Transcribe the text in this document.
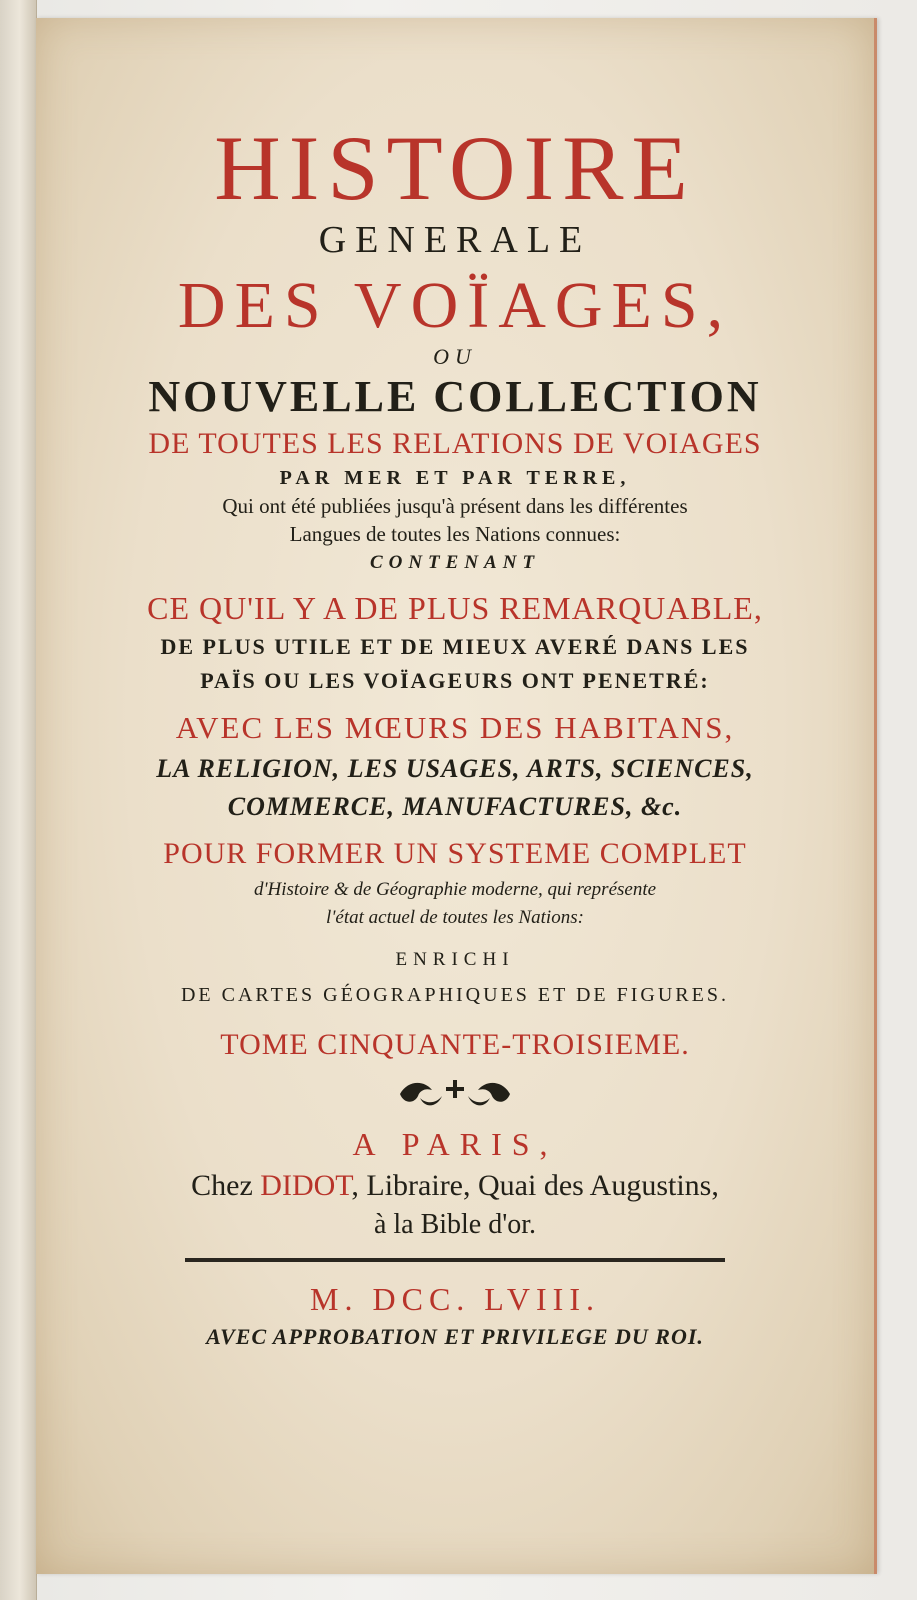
HISTOIRE
GENERALE
DES VOÏAGES,
OU
NOUVELLE COLLECTION
DE TOUTES LES RELATIONS DE VOIAGES
PAR MER ET PAR TERRE,
Qui ont été publiées jusqu'à présent dans les différentes
Langues de toutes les Nations connues:
CONTENANT
CE QU'IL Y A DE PLUS REMARQUABLE,
DE PLUS UTILE ET DE MIEUX AVERÉ DANS LES
PAÏS OU LES VOÏAGEURS ONT PENETRÉ:
AVEC LES MŒURS DES HABITANS,
LA RELIGION, LES USAGES, ARTS, SCIENCES,
COMMERCE, MANUFACTURES, &c.
POUR FORMER UN SYSTEME COMPLET
d'Histoire & de Géographie moderne, qui représente
l'état actuel de toutes les Nations:
ENRICHI
DE CARTES GÉOGRAPHIQUES ET DE FIGURES.
TOME CINQUANTE-TROISIEME.
A PARIS,
Chez DIDOT, Libraire, Quai des Augustins,
à la Bible d'or.
M. DCC. LVIII.
AVEC APPROBATION ET PRIVILEGE DU ROI.
